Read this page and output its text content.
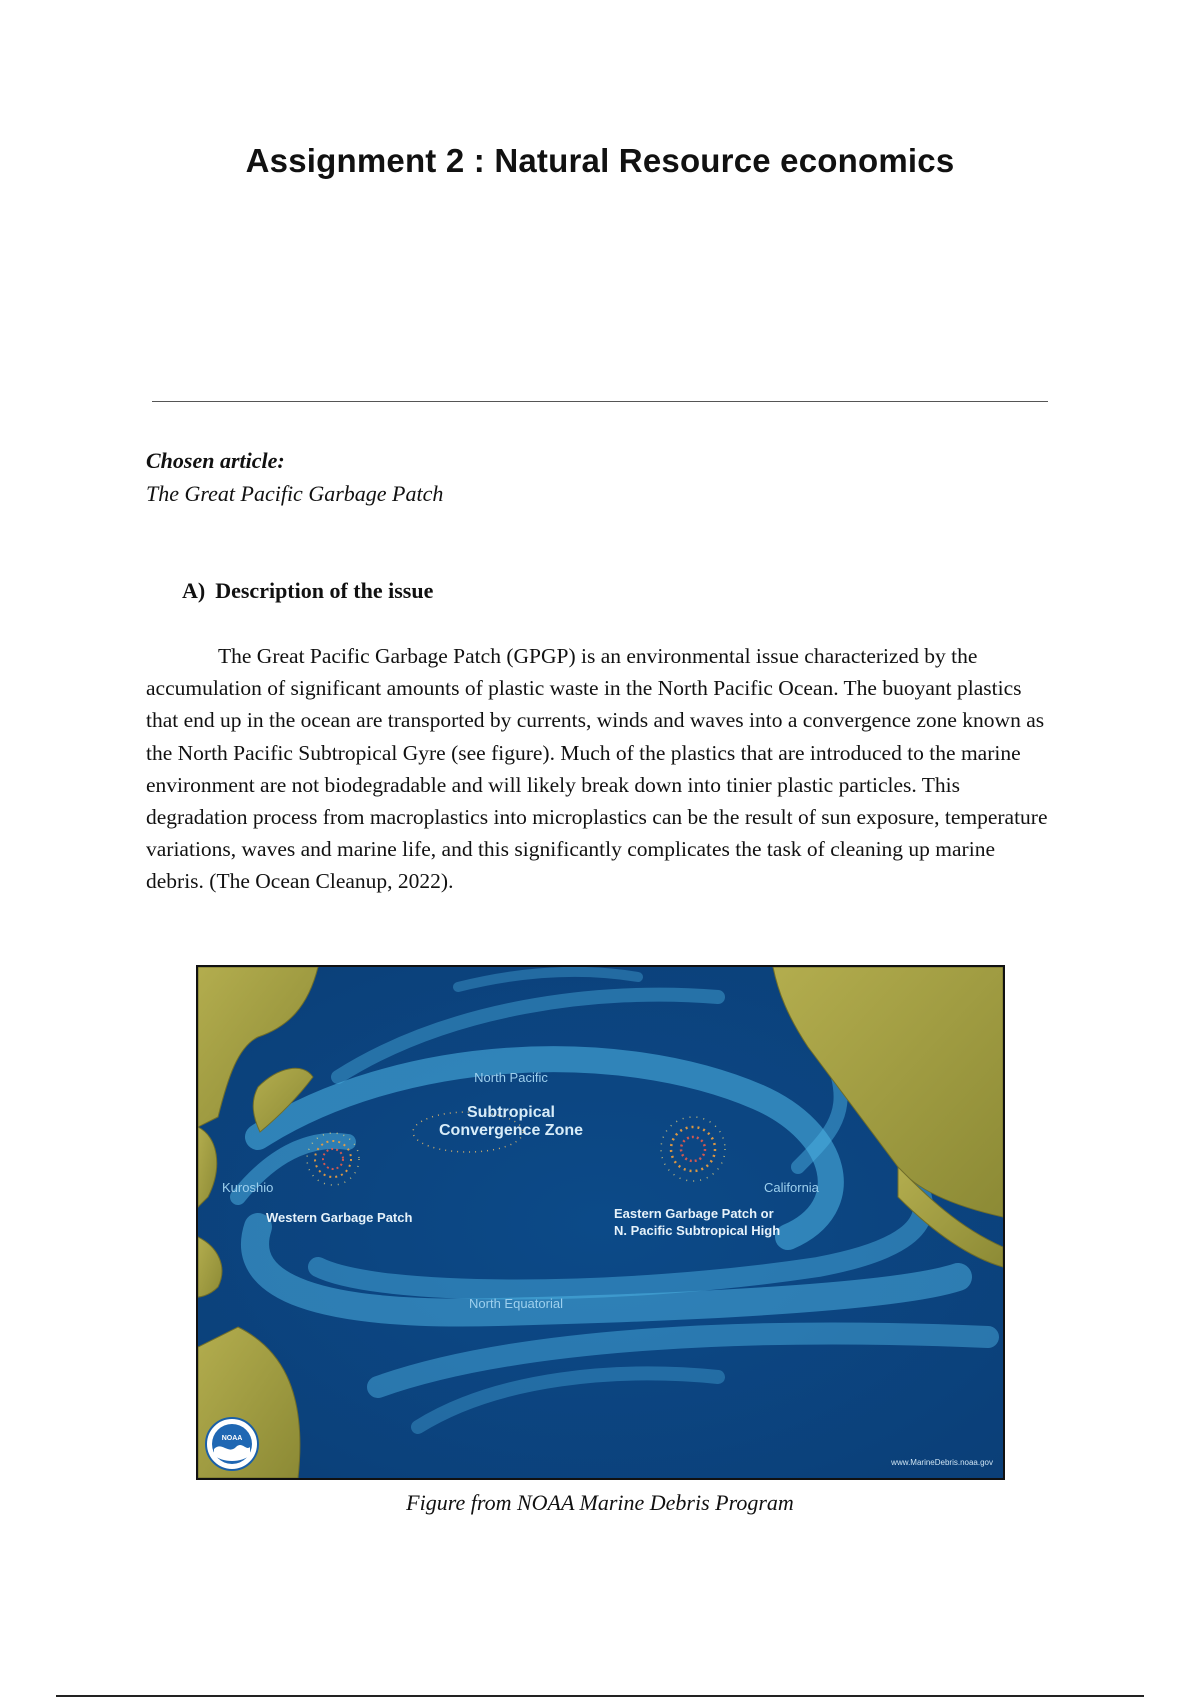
Assignment 2 : Natural Resource economics
Chosen article:
The Great Pacific Garbage Patch
A) Description of the issue

The Great Pacific Garbage Patch (GPGP) is an environmental issue characterized by the accumulation of significant amounts of plastic waste in the North Pacific Ocean. The buoyant plastics that end up in the ocean are transported by currents, winds and waves into a convergence zone known as the North Pacific Subtropical Gyre (see figure). Much of the plastics that are introduced to the marine environment are not biodegradable and will likely break down into tinier plastic particles. This degradation process from macroplastics into microplastics can be the result of sun exposure, temperature variations, waves and marine life, and this significantly complicates the task of cleaning up marine debris. (The Ocean Cleanup, 2022).

North Pacific
Subtropical
Convergence Zone
Kuroshio	California
Western Garbage Patch	Eastern Garbage Patch or
N. Pacific Subtropical High
North Equatorial
www.MarineDebris.noaa.gov
NOAA
Figure from NOAA Marine Debris Program
